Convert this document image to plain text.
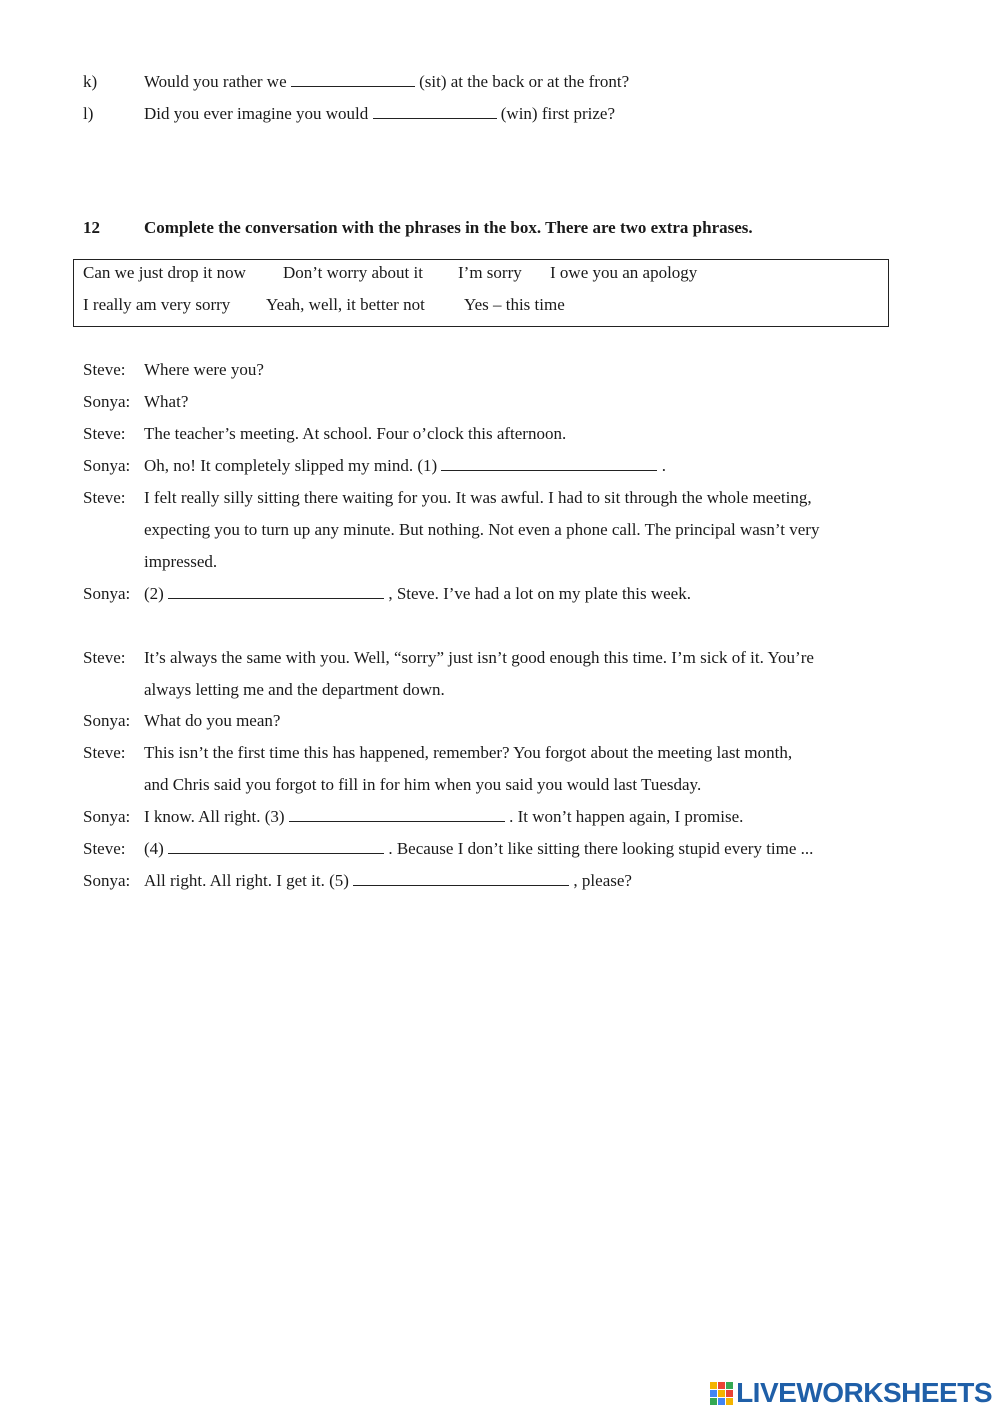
k)	Would you rather we	(sit) at the back or at the front?
l)	Did you ever imagine you would	(win) first prize?
12	Complete the conversation with the phrases in the box. There are two extra phrases.
Can we just drop it now Don’t worry about it I’m sorry I owe you an apology
I really am very sorry Yeah, well, it better not Yes – this time
Steve: Where were you?
Sonya: What?
Steve: The teacher’s meeting. At school. Four o’clock this afternoon.
Sonya: Oh, no! It completely slipped my mind. (1)	.
Steve: I felt really silly sitting there waiting for you. It was awful. I had to sit through the whole meeting,
expecting you to turn up any minute. But nothing. Not even a phone call. The principal wasn’t very
impressed.
Sonya: (2)	, Steve. I’ve had a lot on my plate this week.
Steve: It’s always the same with you. Well, “sorry” just isn’t good enough this time. I’m sick of it. You’re
always letting me and the department down.
Sonya: What do you mean?
Steve: This isn’t the first time this has happened, remember? You forgot about the meeting last month,
and Chris said you forgot to fill in for him when you said you would last Tuesday.
Sonya: I know. All right. (3)	. It won’t happen again, I promise.
Steve: (4)	. Because I don’t like sitting there looking stupid every time ...
Sonya: All right. All right. I get it. (5)	, please?
LIVEWORKSHEETS
